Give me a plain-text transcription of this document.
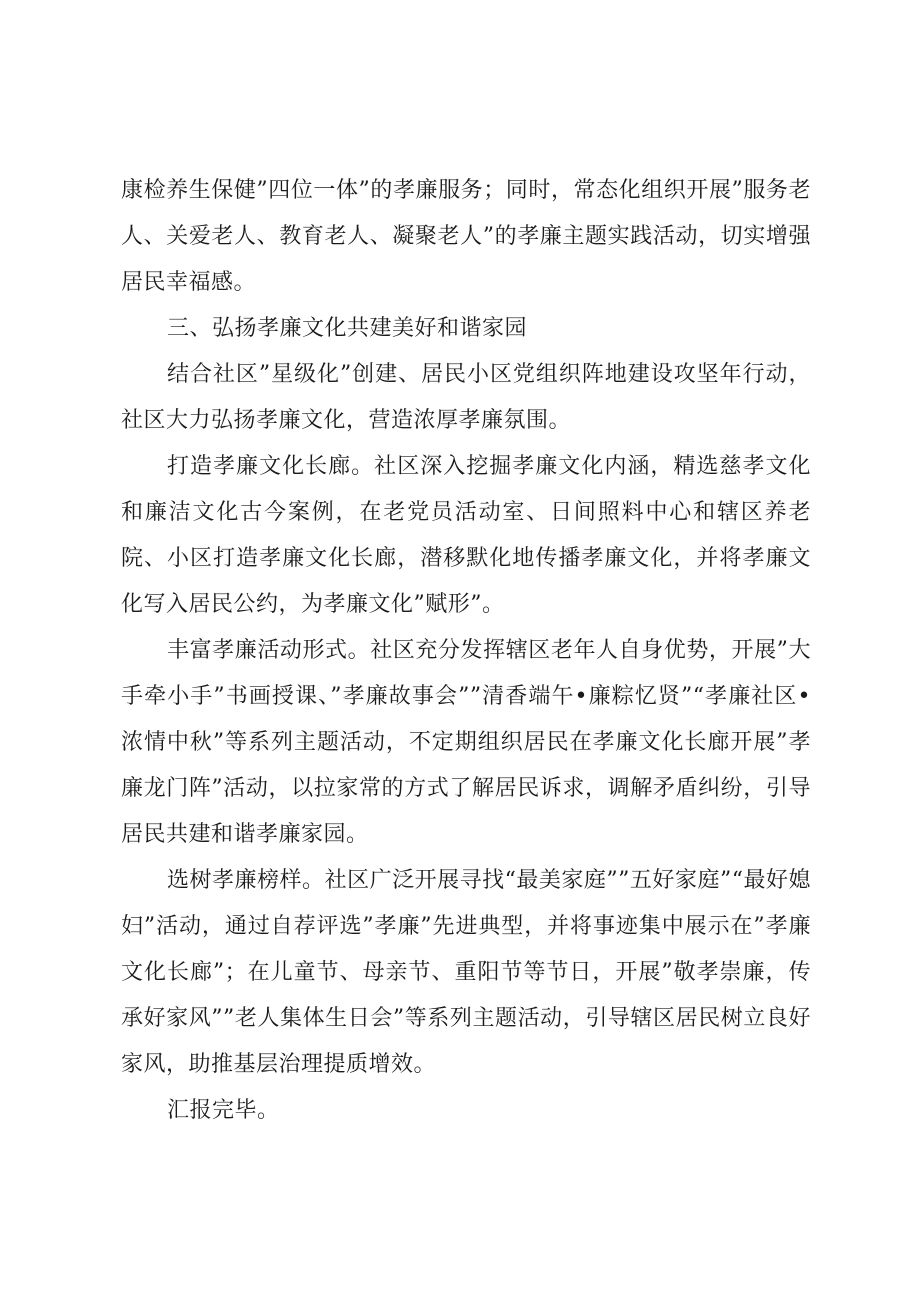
康检养生保健”四位一体”的孝廉服务；同时，常态化组织开展”服务老人、关爱老人、教育老人、凝聚老人”的孝廉主题实践活动，切实增强居民幸福感。

三、弘扬孝廉文化共建美好和谐家园

结合社区”星级化”创建、居民小区党组织阵地建设攻坚年行动，社区大力弘扬孝廉文化，营造浓厚孝廉氛围。

打造孝廉文化长廊。社区深入挖掘孝廉文化内涵，精选慈孝文化和廉洁文化古今案例，在老党员活动室、日间照料中心和辖区养老院、小区打造孝廉文化长廊，潜移默化地传播孝廉文化，并将孝廉文化写入居民公约，为孝廉文化”赋形”。

丰富孝廉活动形式。社区充分发挥辖区老年人自身优势，开展”大手牵小手”书画授课、”孝廉故事会””清香端午•廉粽忆贤”“孝廉社区•浓情中秋”等系列主题活动，不定期组织居民在孝廉文化长廊开展”孝廉龙门阵”活动，以拉家常的方式了解居民诉求，调解矛盾纠纷，引导居民共建和谐孝廉家园。

选树孝廉榜样。社区广泛开展寻找“最美家庭””五好家庭”“最好媳妇”活动，通过自荐评选”孝廉”先进典型，并将事迹集中展示在”孝廉文化长廊”；在儿童节、母亲节、重阳节等节日，开展”敬孝崇廉，传承好家风””老人集体生日会”等系列主题活动，引导辖区居民树立良好家风，助推基层治理提质增效。

汇报完毕。
